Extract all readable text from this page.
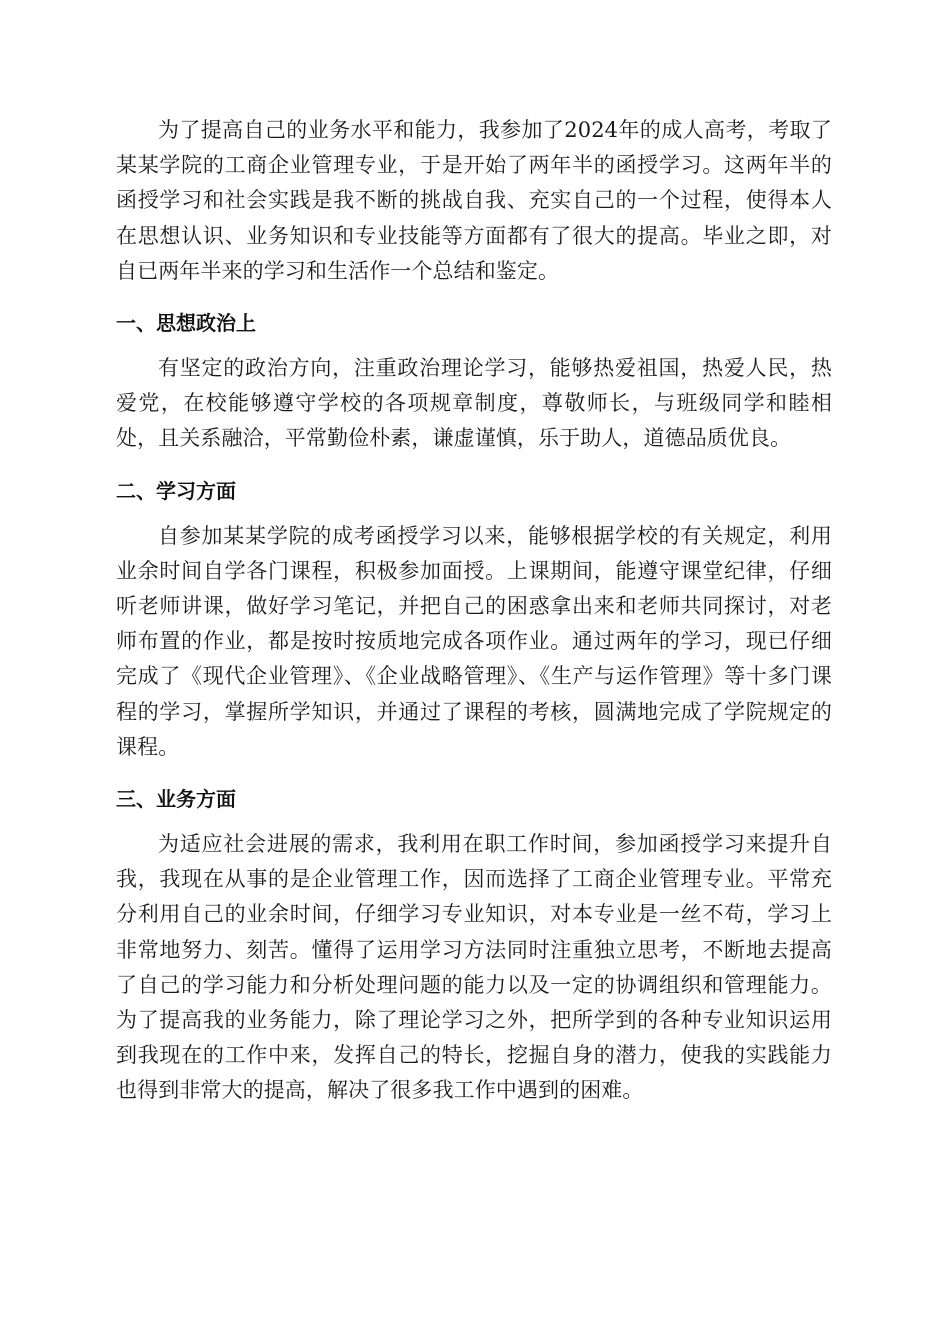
为了提高自己的业务水平和能力，我参加了2024年的成人高考，考取了某某学院的工商企业管理专业，于是开始了两年半的函授学习。这两年半的函授学习和社会实践是我不断的挑战自我、充实自己的一个过程，使得本人在思想认识、业务知识和专业技能等方面都有了很大的提高。毕业之即，对自已两年半来的学习和生活作一个总结和鉴定。

一、思想政治上

有坚定的政治方向，注重政治理论学习，能够热爱祖国，热爱人民，热爱党，在校能够遵守学校的各项规章制度，尊敬师长，与班级同学和睦相处，且关系融洽，平常勤俭朴素，谦虚谨慎，乐于助人，道德品质优良。

二、学习方面

自参加某某学院的成考函授学习以来，能够根据学校的有关规定，利用业余时间自学各门课程，积极参加面授。上课期间，能遵守课堂纪律，仔细听老师讲课，做好学习笔记，并把自己的困惑拿出来和老师共同探讨，对老师布置的作业，都是按时按质地完成各项作业。通过两年的学习，现已仔细完成了《现代企业管理》、《企业战略管理》、《生产与运作管理》等十多门课程的学习，掌握所学知识，并通过了课程的考核，圆满地完成了学院规定的课程。

三、业务方面

为适应社会进展的需求，我利用在职工作时间，参加函授学习来提升自我，我现在从事的是企业管理工作，因而选择了工商企业管理专业。平常充分利用自己的业余时间，仔细学习专业知识，对本专业是一丝不苟，学习上非常地努力、刻苦。懂得了运用学习方法同时注重独立思考，不断地去提高了自己的学习能力和分析处理问题的能力以及一定的协调组织和管理能力。为了提高我的业务能力，除了理论学习之外，把所学到的各种专业知识运用到我现在的工作中来，发挥自己的特长，挖掘自身的潜力，使我的实践能力也得到非常大的提高，解决了很多我工作中遇到的困难。
